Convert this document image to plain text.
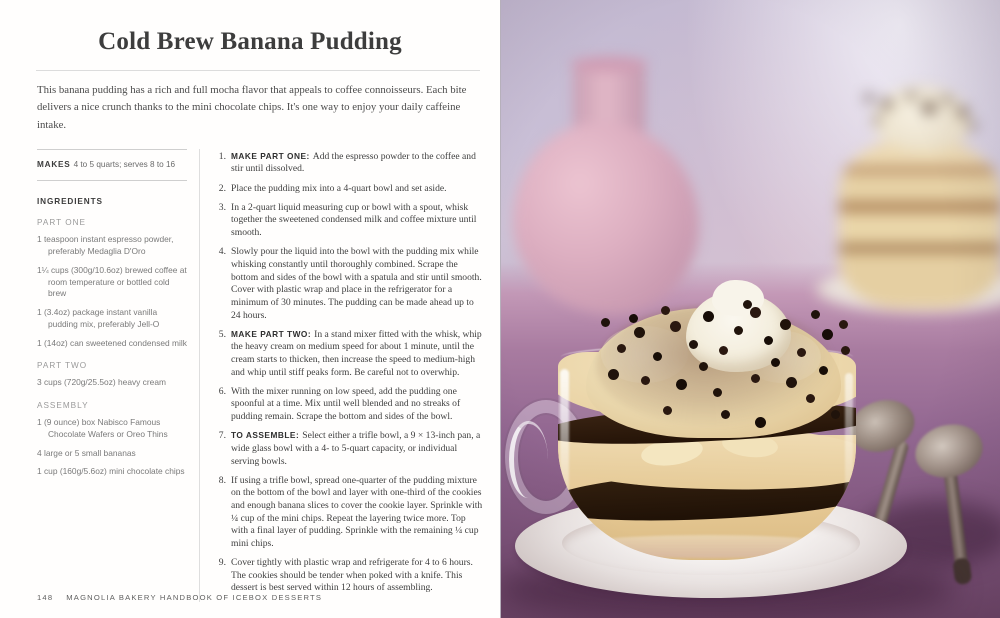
Cold Brew Banana Pudding

This banana pudding has a rich and full mocha flavor that appeals to coffee connoisseurs. Each bite delivers a nice crunch thanks to the mini chocolate chips. It's one way to enjoy your daily caffeine intake.

MAKES 4 to 5 quarts; serves 8 to 16
INGREDIENTS
PART ONE
1 teaspoon instant espresso powder, preferably Medaglia D'Oro
1¼ cups (300g/10.6oz) brewed coffee at room temperature or bottled cold brew
1 (3.4oz) package instant vanilla pudding mix, preferably Jell-O
1 (14oz) can sweetened condensed milk
PART TWO
3 cups (720g/25.5oz) heavy cream
ASSEMBLY
1 (9 ounce) box Nabisco Famous Chocolate Wafers or Oreo Thins
4 large or 5 small bananas
1 cup (160g/5.6oz) mini chocolate chips
1. MAKE PART ONE: Add the espresso powder to the coffee and stir until dissolved.
2. Place the pudding mix into a 4-quart bowl and set aside.
3. In a 2-quart liquid measuring cup or bowl with a spout, whisk together the sweetened condensed milk and coffee mixture until smooth.
4. Slowly pour the liquid into the bowl with the pudding mix while whisking constantly until thoroughly combined. Scrape the bottom and sides of the bowl with a spatula and stir until smooth. Cover with plastic wrap and place in the refrigerator for a minimum of 30 minutes. The pudding can be made ahead up to 24 hours.
5. MAKE PART TWO: In a stand mixer fitted with the whisk, whip the heavy cream on medium speed for about 1 minute, until the cream starts to thicken, then increase the speed to medium-high and whip until stiff peaks form. Be careful not to overwhip.
6. With the mixer running on low speed, add the pudding one spoonful at a time. Mix until well blended and no streaks of pudding remain. Scrape the bottom and sides of the bowl.
7. TO ASSEMBLE: Select either a trifle bowl, a 9 × 13-inch pan, a wide glass bowl with a 4- to 5-quart capacity, or individual serving bowls.
8. If using a trifle bowl, spread one-quarter of the pudding mixture on the bottom of the bowl and layer with one-third of the cookies and enough banana slices to cover the cookie layer. Sprinkle with ¼ cup of the mini chips. Repeat the layering twice more. Top with a final layer of pudding. Sprinkle with the remaining ¼ cup mini chips.
9. Cover tightly with plastic wrap and refrigerate for 4 to 6 hours. The cookies should be tender when poked with a knife. This dessert is best served within 12 hours of assembling.
148 MAGNOLIA BAKERY HANDBOOK OF ICEBOX DESSERTS
